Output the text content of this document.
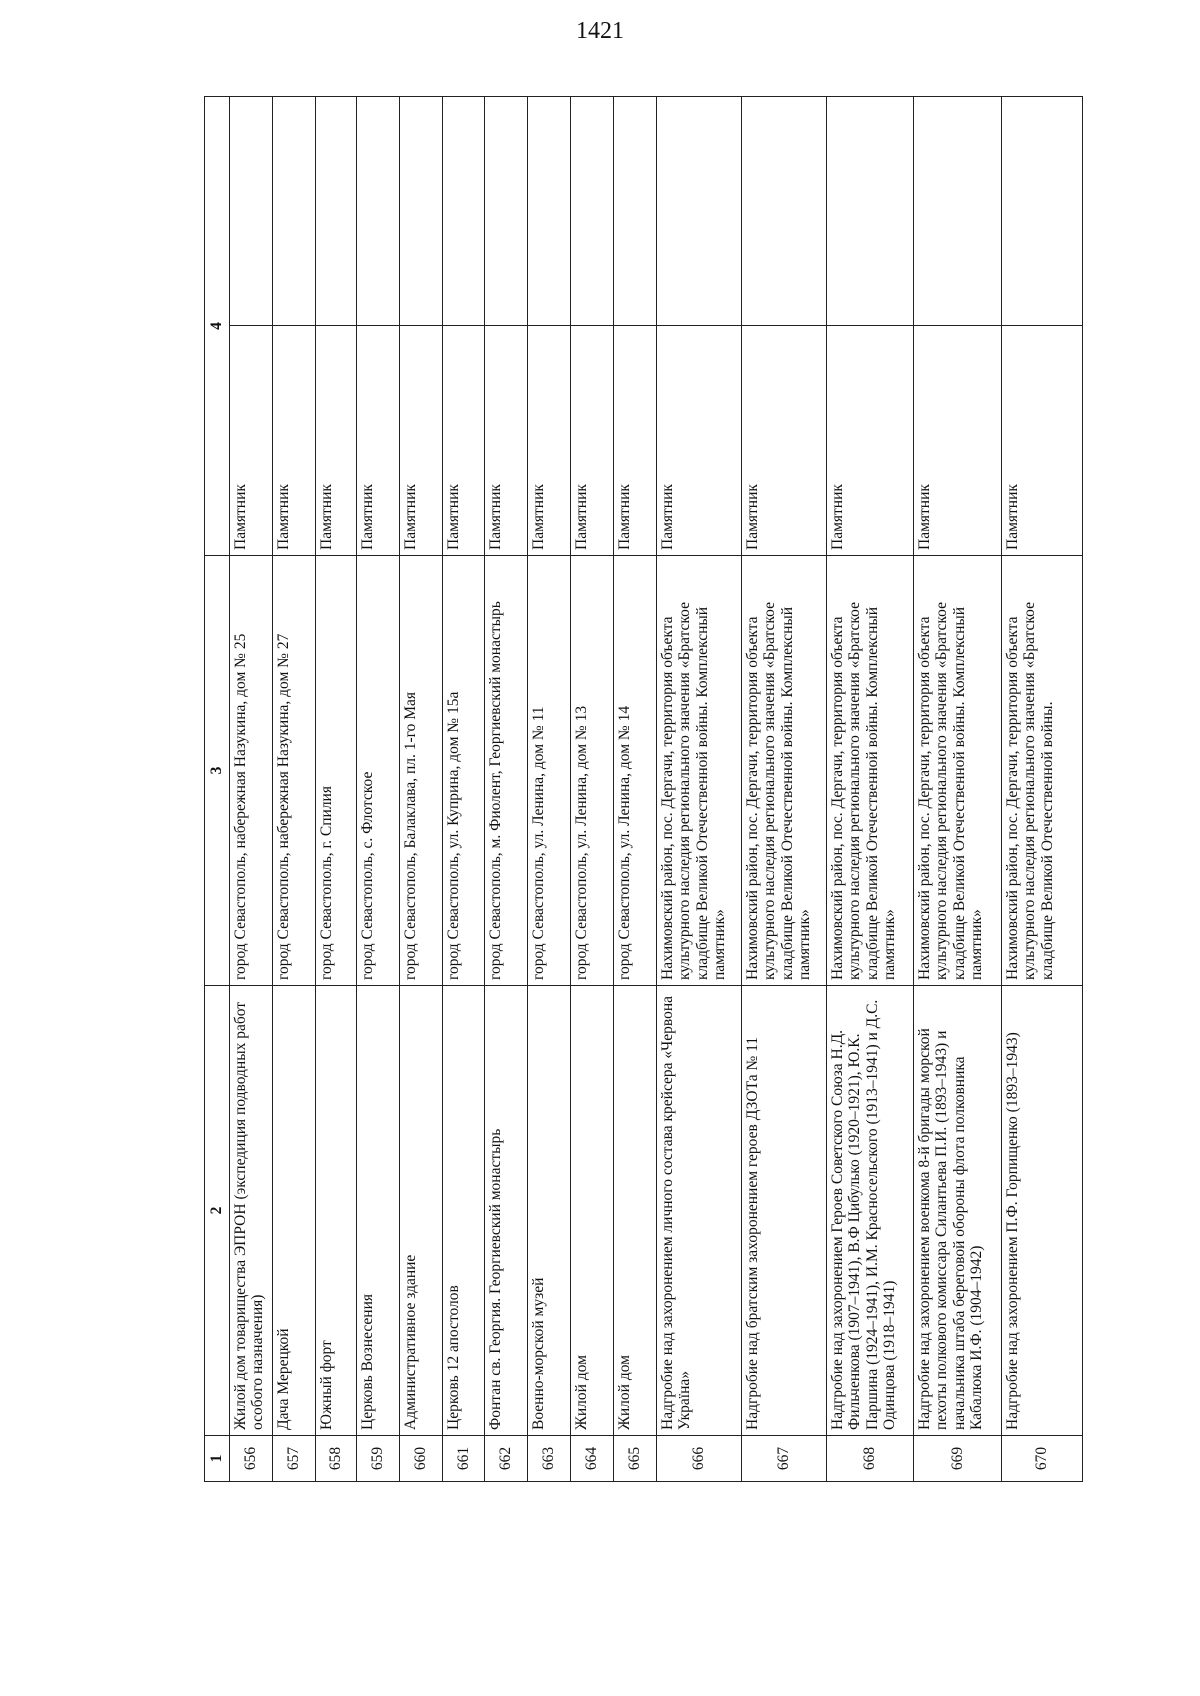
1421
1	2	3	4	
656	Жилой дом товарищества ЭПРОН (экспедиция подводных работ особого назначения)	город Севастополь, набережная Назукина, дом № 25	Памятник	
657	Дача Мерецкой	город Севастополь, набережная Назукина, дом № 27	Памятник	
658	Южный форт	город Севастополь, г. Спилия	Памятник	
659	Церковь Вознесения	город Севастополь, с. Флотское	Памятник	
660	Административное здание	город Севастополь, Балаклава, пл. 1-го Мая	Памятник	
661	Церковь 12 апостолов	город Севастополь, ул. Куприна, дом № 15а	Памятник	
662	Фонтан св. Георгия. Георгиевский монастырь	город Севастополь, м. Фиолент, Георгиевский монастырь	Памятник	
663	Военно-морской музей	город Севастополь, ул. Ленина, дом № 11	Памятник	
664	Жилой дом	город Севастополь, ул. Ленина, дом № 13	Памятник	
665	Жилой дом	город Севастополь, ул. Ленина, дом № 14	Памятник	
666	Надгробие над захоронением личного состава крейсера «Червона Украïна»	Нахимовский район, пос. Дергачи, территория объекта культурного наследия регионального значения «Братское кладбище Великой Отечественной войны. Комплексный памятник»	Памятник	
667	Надгробие над братским захоронением героев ДЗОТа № 11	Нахимовский район, пос. Дергачи, территория объекта культурного наследия регионального значения «Братское кладбище Великой Отечественной войны. Комплексный памятник»	Памятник	
668	Надгробие над захоронением Героев Советского Союза Н.Д. Фильченкова (1907–1941), В.Ф Цибулько (1920–1921), Ю.К. Паршина (1924–1941), И.М. Красносельского (1913–1941) и Д.С. Одинцова (1918–1941)	Нахимовский район, пос. Дергачи, территория объекта культурного наследия регионального значения «Братское кладбище Великой Отечественной войны. Комплексный памятник»	Памятник	
669	Надгробие над захоронением военкома 8-й бригады морской пехоты полкового комиссара Силантьева П.И. (1893–1943) и начальника штаба береговой обороны флота полковника Кабалюка И.Ф. (1904–1942)	Нахимовский район, пос. Дергачи, территория объекта культурного наследия регионального значения «Братское кладбище Великой Отечественной войны. Комплексный памятник»	Памятник	
670	Надгробие над захоронением П.Ф. Горпищенко (1893–1943)	Нахимовский район, пос. Дергачи, территория объекта культурного наследия регионального значения «Братское кладбище Великой Отечественной войны.	Памятник	
